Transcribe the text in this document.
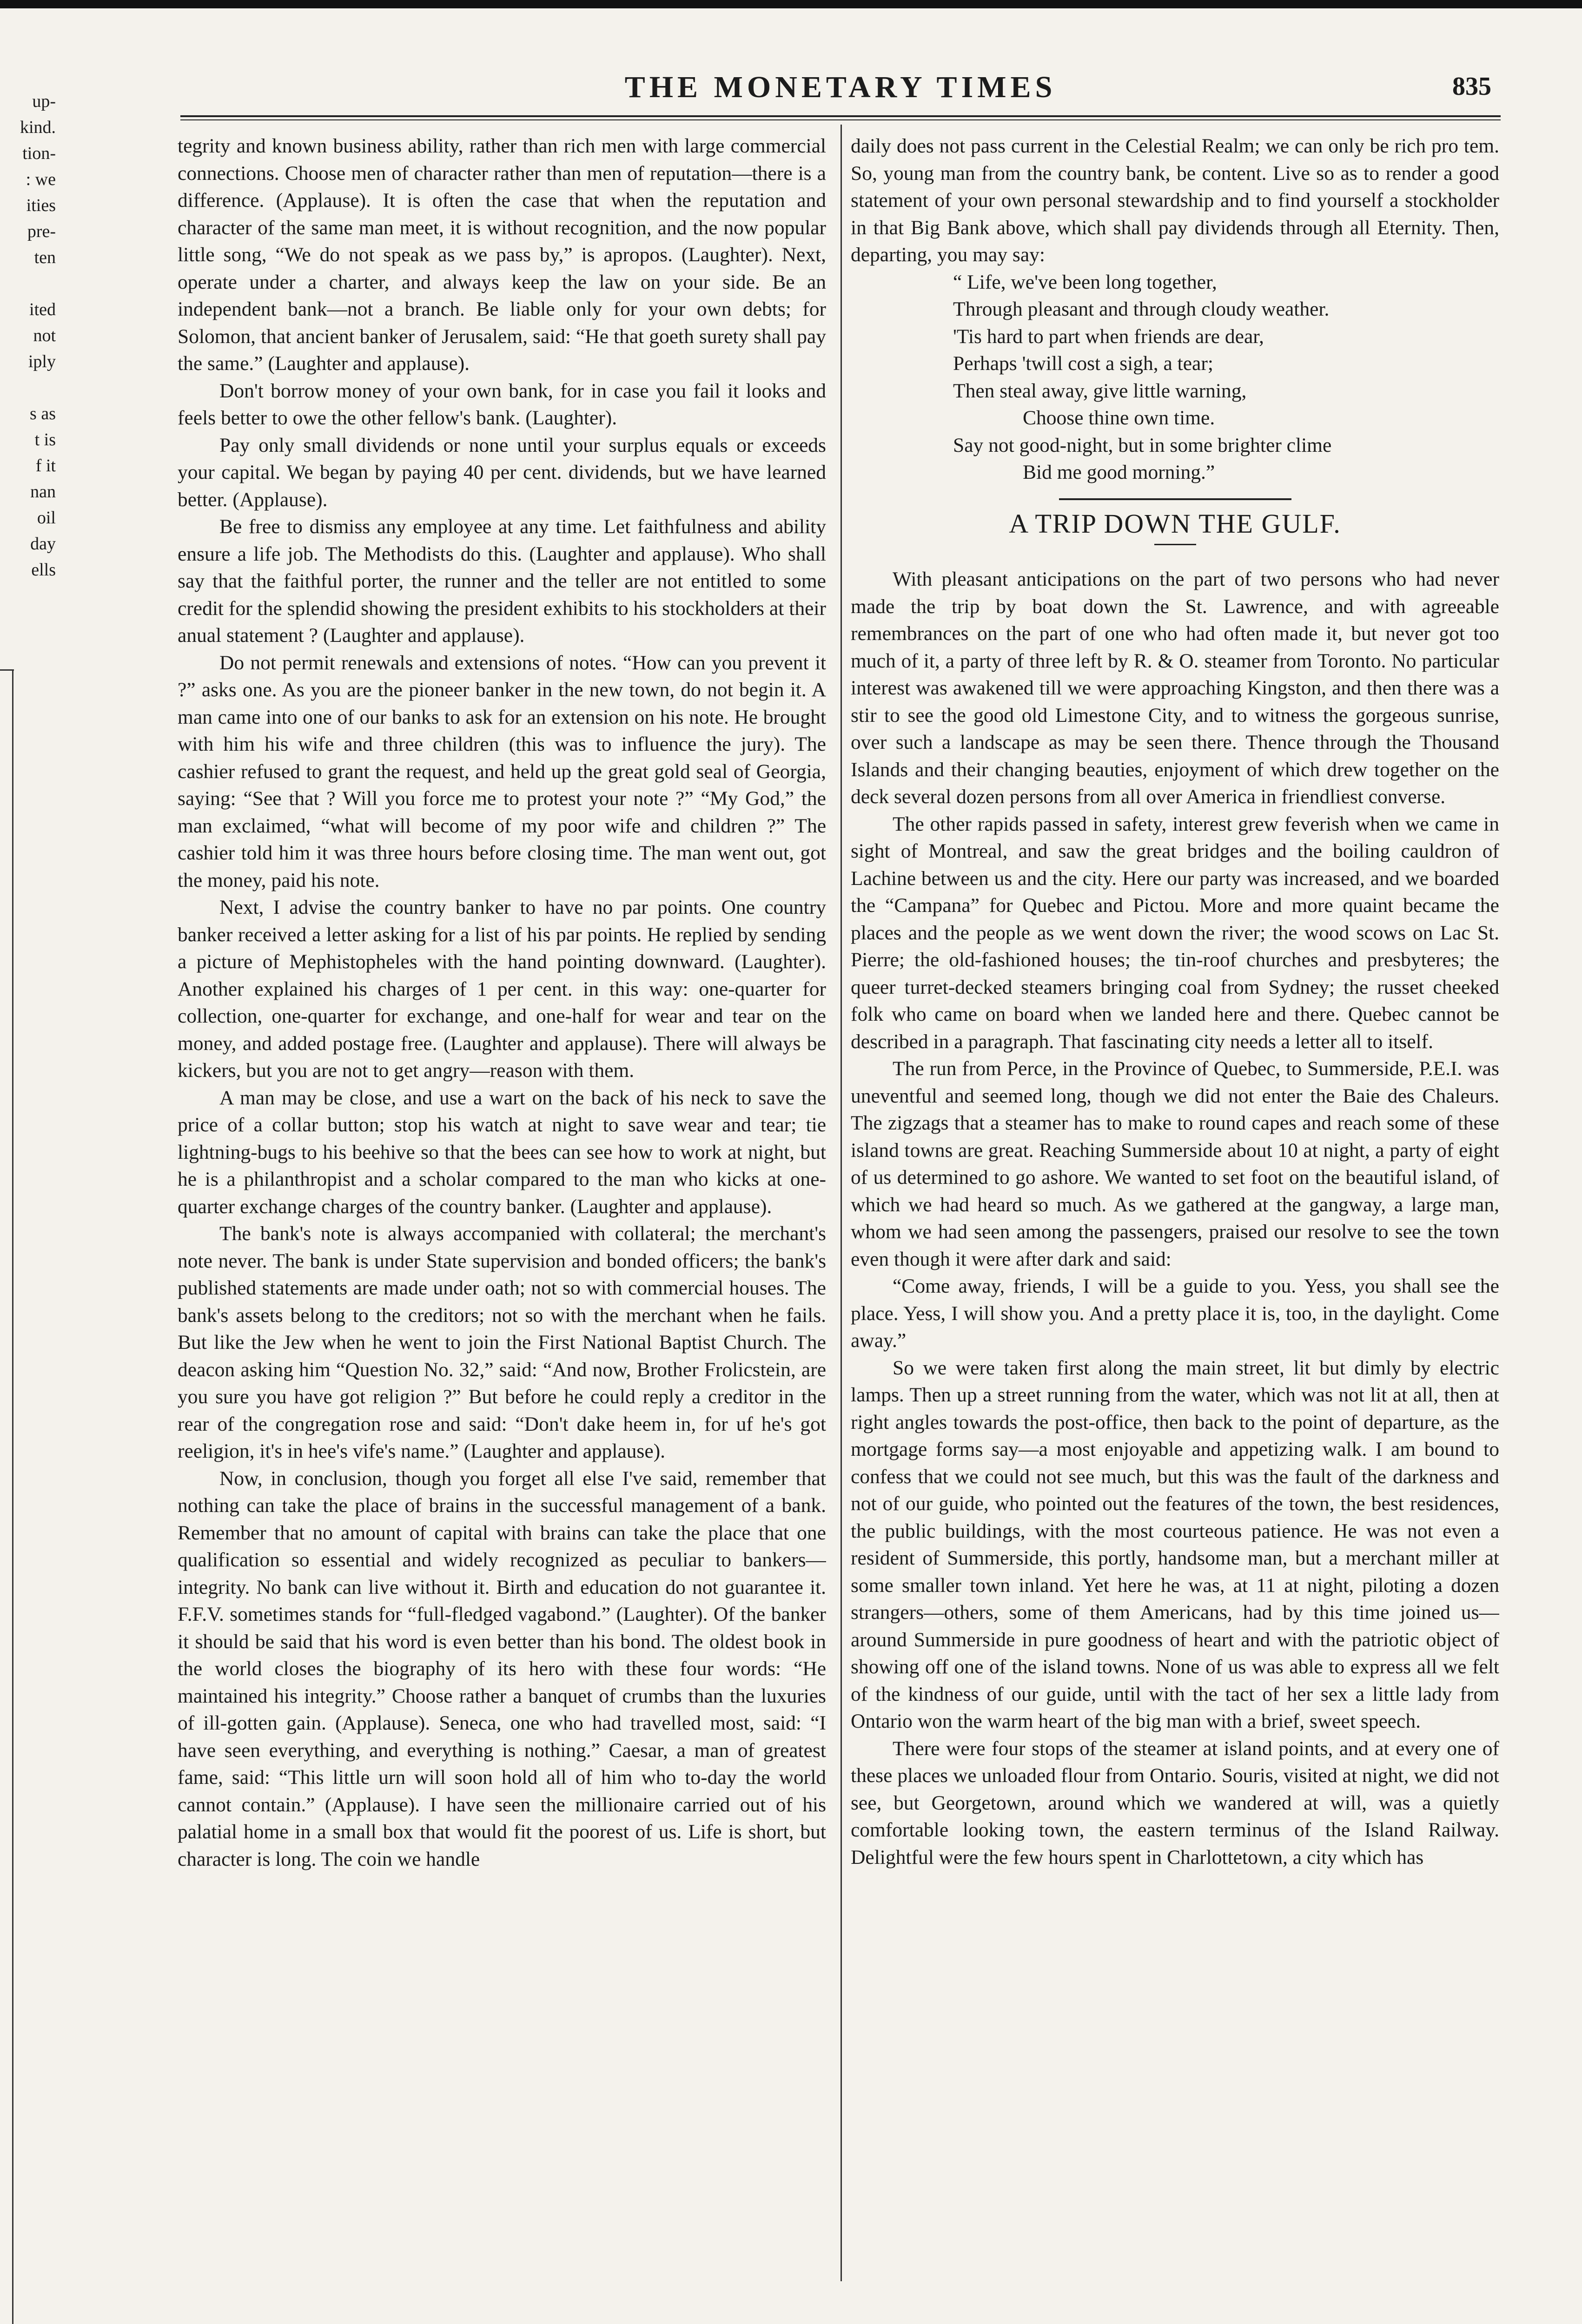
up-
kind.
tion-
: we
ities
pre-
ten

ited
not
iply

s as
t is
f it
nan
oil
day
ells
THE MONETARY TIMES	835

tegrity and known business ability, rather than rich men with large commercial connections. Choose men of character rather than men of reputation—there is a difference. (Applause). It is often the case that when the reputation and character of the same man meet, it is without recognition, and the now popular little song, “We do not speak as we pass by,” is apropos. (Laughter). Next, operate under a charter, and always keep the law on your side. Be an independent bank—not a branch. Be liable only for your own debts; for Solomon, that ancient banker of Jerusalem, said: “He that goeth surety shall pay the same.” (Laughter and applause).

Don't borrow money of your own bank, for in case you fail it looks and feels better to owe the other fellow's bank. (Laughter).

Pay only small dividends or none until your surplus equals or exceeds your capital. We began by paying 40 per cent. dividends, but we have learned better. (Applause).

Be free to dismiss any employee at any time. Let faithfulness and ability ensure a life job. The Methodists do this. (Laughter and applause). Who shall say that the faithful porter, the runner and the teller are not entitled to some credit for the splendid showing the president exhibits to his stockholders at their anual statement ? (Laughter and applause).

Do not permit renewals and extensions of notes. “How can you prevent it ?” asks one. As you are the pioneer banker in the new town, do not begin it. A man came into one of our banks to ask for an extension on his note. He brought with him his wife and three children (this was to influence the jury). The cashier refused to grant the request, and held up the great gold seal of Georgia, saying: “See that ? Will you force me to protest your note ?” “My God,” the man exclaimed, “what will become of my poor wife and children ?” The cashier told him it was three hours before closing time. The man went out, got the money, paid his note.

Next, I advise the country banker to have no par points. One country banker received a letter asking for a list of his par points. He replied by sending a picture of Mephistopheles with the hand pointing downward. (Laughter). Another explained his charges of 1 per cent. in this way: one-quarter for collection, one-quarter for exchange, and one-half for wear and tear on the money, and added postage free. (Laughter and applause). There will always be kickers, but you are not to get angry—reason with them.

A man may be close, and use a wart on the back of his neck to save the price of a collar button; stop his watch at night to save wear and tear; tie lightning-bugs to his beehive so that the bees can see how to work at night, but he is a philanthropist and a scholar compared to the man who kicks at one-quarter exchange charges of the country banker. (Laughter and applause).

The bank's note is always accompanied with collateral; the merchant's note never. The bank is under State supervision and bonded officers; the bank's published statements are made under oath; not so with commercial houses. The bank's assets belong to the creditors; not so with the merchant when he fails. But like the Jew when he went to join the First National Baptist Church. The deacon asking him “Question No. 32,” said: “And now, Brother Frolicstein, are you sure you have got religion ?” But before he could reply a creditor in the rear of the congregation rose and said: “Don't dake heem in, for uf he's got reeligion, it's in hee's vife's name.” (Laughter and applause).

Now, in conclusion, though you forget all else I've said, remember that nothing can take the place of brains in the successful management of a bank. Remember that no amount of capital with brains can take the place that one qualification so essential and widely recognized as peculiar to bankers—integrity. No bank can live without it. Birth and education do not guarantee it. F.F.V. sometimes stands for “full-fledged vagabond.” (Laughter). Of the banker it should be said that his word is even better than his bond. The oldest book in the world closes the biography of its hero with these four words: “He maintained his integrity.” Choose rather a banquet of crumbs than the luxuries of ill-gotten gain. (Applause). Seneca, one who had travelled most, said: “I have seen everything, and everything is nothing.” Caesar, a man of greatest fame, said: “This little urn will soon hold all of him who to-day the world cannot contain.” (Applause). I have seen the millionaire carried out of his palatial home in a small box that would fit the poorest of us. Life is short, but character is long. The coin we handle

daily does not pass current in the Celestial Realm; we can only be rich pro tem. So, young man from the country bank, be content. Live so as to render a good statement of your own personal stewardship and to find yourself a stockholder in that Big Bank above, which shall pay dividends through all Eternity. Then, departing, you may say:

“ Life, we've been long together,
Through pleasant and through cloudy weather.
'Tis hard to part when friends are dear,
Perhaps 'twill cost a sigh, a tear;
Then steal away, give little warning,
Choose thine own time.
Say not good-night, but in some brighter clime
Bid me good morning.”
A TRIP DOWN THE GULF.

With pleasant anticipations on the part of two persons who had never made the trip by boat down the St. Lawrence, and with agreeable remembrances on the part of one who had often made it, but never got too much of it, a party of three left by R. & O. steamer from Toronto. No particular interest was awakened till we were approaching Kingston, and then there was a stir to see the good old Limestone City, and to witness the gorgeous sunrise, over such a landscape as may be seen there. Thence through the Thousand Islands and their changing beauties, enjoyment of which drew together on the deck several dozen persons from all over America in friendliest converse.

The other rapids passed in safety, interest grew feverish when we came in sight of Montreal, and saw the great bridges and the boiling cauldron of Lachine between us and the city. Here our party was increased, and we boarded the “Campana” for Quebec and Pictou. More and more quaint became the places and the people as we went down the river; the wood scows on Lac St. Pierre; the old-fashioned houses; the tin-roof churches and presbyteres; the queer turret-decked steamers bringing coal from Sydney; the russet cheeked folk who came on board when we landed here and there. Quebec cannot be described in a paragraph. That fascinating city needs a letter all to itself.

The run from Perce, in the Province of Quebec, to Summerside, P.E.I. was uneventful and seemed long, though we did not enter the Baie des Chaleurs. The zigzags that a steamer has to make to round capes and reach some of these island towns are great. Reaching Summerside about 10 at night, a party of eight of us determined to go ashore. We wanted to set foot on the beautiful island, of which we had heard so much. As we gathered at the gangway, a large man, whom we had seen among the passengers, praised our resolve to see the town even though it were after dark and said:

“Come away, friends, I will be a guide to you. Yess, you shall see the place. Yess, I will show you. And a pretty place it is, too, in the daylight. Come away.”

So we were taken first along the main street, lit but dimly by electric lamps. Then up a street running from the water, which was not lit at all, then at right angles towards the post-office, then back to the point of departure, as the mortgage forms say—a most enjoyable and appetizing walk. I am bound to confess that we could not see much, but this was the fault of the darkness and not of our guide, who pointed out the features of the town, the best residences, the public buildings, with the most courteous patience. He was not even a resident of Summerside, this portly, handsome man, but a merchant miller at some smaller town inland. Yet here he was, at 11 at night, piloting a dozen strangers—others, some of them Americans, had by this time joined us—around Summerside in pure goodness of heart and with the patriotic object of showing off one of the island towns. None of us was able to express all we felt of the kindness of our guide, until with the tact of her sex a little lady from Ontario won the warm heart of the big man with a brief, sweet speech.

There were four stops of the steamer at island points, and at every one of these places we unloaded flour from Ontario. Souris, visited at night, we did not see, but Georgetown, around which we wandered at will, was a quietly comfortable looking town, the eastern terminus of the Island Railway. Delightful were the few hours spent in Charlottetown, a city which has
